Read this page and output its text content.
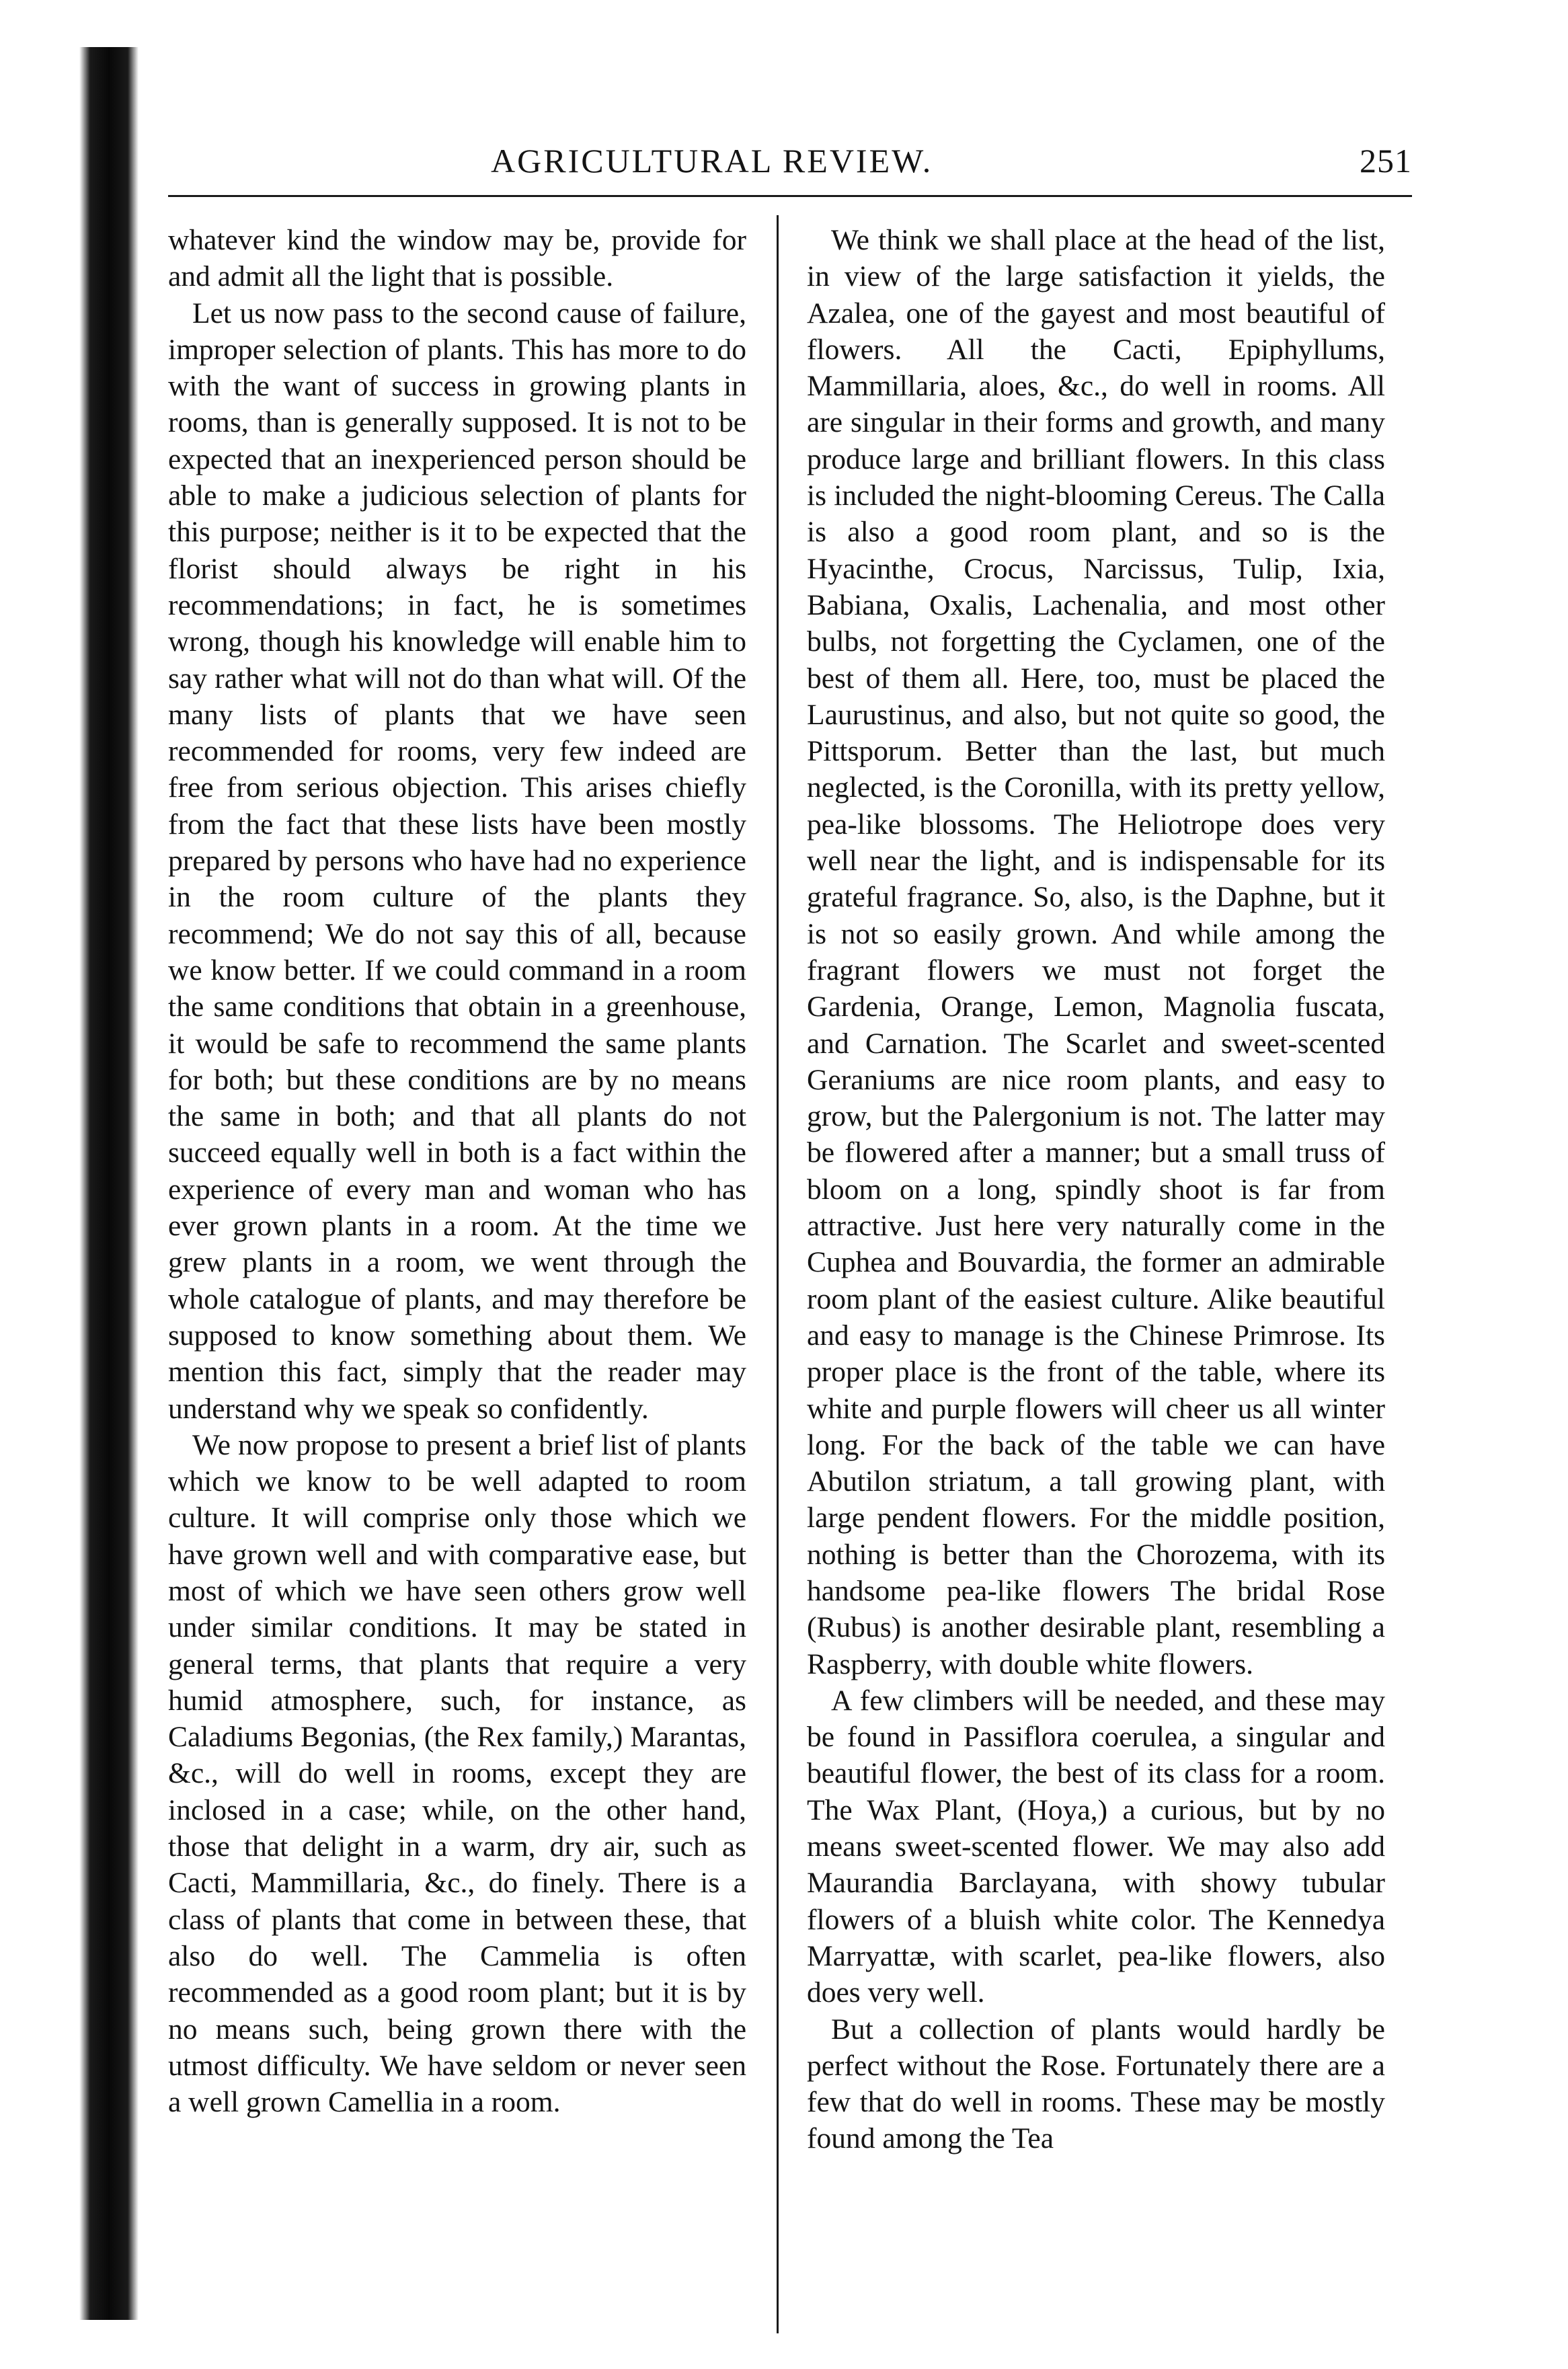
AGRICULTURAL REVIEW.	251

whatever kind the window may be, provide for and admit all the light that is possible.

Let us now pass to the second cause of failure, improper selection of plants. This has more to do with the want of success in growing plants in rooms, than is generally supposed. It is not to be expected that an inexperienced person should be able to make a judicious selection of plants for this purpose; neither is it to be expected that the florist should always be right in his recommendations; in fact, he is sometimes wrong, though his knowledge will enable him to say rather what will not do than what will. Of the many lists of plants that we have seen recommended for rooms, very few indeed are free from serious objection. This arises chiefly from the fact that these lists have been mostly prepared by persons who have had no experience in the room culture of the plants they recommend; We do not say this of all, because we know better. If we could command in a room the same conditions that obtain in a greenhouse, it would be safe to recommend the same plants for both; but these conditions are by no means the same in both; and that all plants do not succeed equally well in both is a fact within the experience of every man and woman who has ever grown plants in a room. At the time we grew plants in a room, we went through the whole catalogue of plants, and may therefore be supposed to know something about them. We mention this fact, simply that the reader may understand why we speak so confidently.

We now propose to present a brief list of plants which we know to be well adapted to room culture. It will comprise only those which we have grown well and with comparative ease, but most of which we have seen others grow well under similar conditions. It may be stated in general terms, that plants that require a very humid atmosphere, such, for instance, as Caladiums Begonias, (the Rex family,) Marantas, &c., will do well in rooms, except they are inclosed in a case; while, on the other hand, those that delight in a warm, dry air, such as Cacti, Mammillaria, &c., do finely. There is a class of plants that come in between these, that also do well. The Cammelia is often recommended as a good room plant; but it is by no means such, being grown there with the utmost difficulty. We have seldom or never seen a well grown Camellia in a room.

We think we shall place at the head of the list, in view of the large satisfaction it yields, the Azalea, one of the gayest and most beautiful of flowers. All the Cacti, Epiphyllums, Mammillaria, aloes, &c., do well in rooms. All are singular in their forms and growth, and many produce large and brilliant flowers. In this class is included the night-blooming Cereus. The Calla is also a good room plant, and so is the Hyacinthe, Crocus, Narcissus, Tulip, Ixia, Babiana, Oxalis, Lachenalia, and most other bulbs, not forgetting the Cyclamen, one of the best of them all. Here, too, must be placed the Laurustinus, and also, but not quite so good, the Pittsporum. Better than the last, but much neglected, is the Coronilla, with its pretty yellow, pea-like blossoms. The Heliotrope does very well near the light, and is indispensable for its grateful fragrance. So, also, is the Daphne, but it is not so easily grown. And while among the fragrant flowers we must not forget the Gardenia, Orange, Lemon, Magnolia fuscata, and Carnation. The Scarlet and sweet-scented Geraniums are nice room plants, and easy to grow, but the Palergonium is not. The latter may be flowered after a manner; but a small truss of bloom on a long, spindly shoot is far from attractive. Just here very naturally come in the Cuphea and Bouvardia, the former an admirable room plant of the easiest culture. Alike beautiful and easy to manage is the Chinese Primrose. Its proper place is the front of the table, where its white and purple flowers will cheer us all winter long. For the back of the table we can have Abutilon striatum, a tall growing plant, with large pendent flowers. For the middle position, nothing is better than the Chorozema, with its handsome pea-like flowers The bridal Rose (Rubus) is another desirable plant, resembling a Raspberry, with double white flowers.

A few climbers will be needed, and these may be found in Passiflora coerulea, a singular and beautiful flower, the best of its class for a room. The Wax Plant, (Hoya,) a curious, but by no means sweet-scented flower. We may also add Maurandia Barclayana, with showy tubular flowers of a bluish white color. The Kennedya Marryattæ, with scarlet, pea-like flowers, also does very well.

But a collection of plants would hardly be perfect without the Rose. Fortunately there are a few that do well in rooms. These may be mostly found among the Tea
